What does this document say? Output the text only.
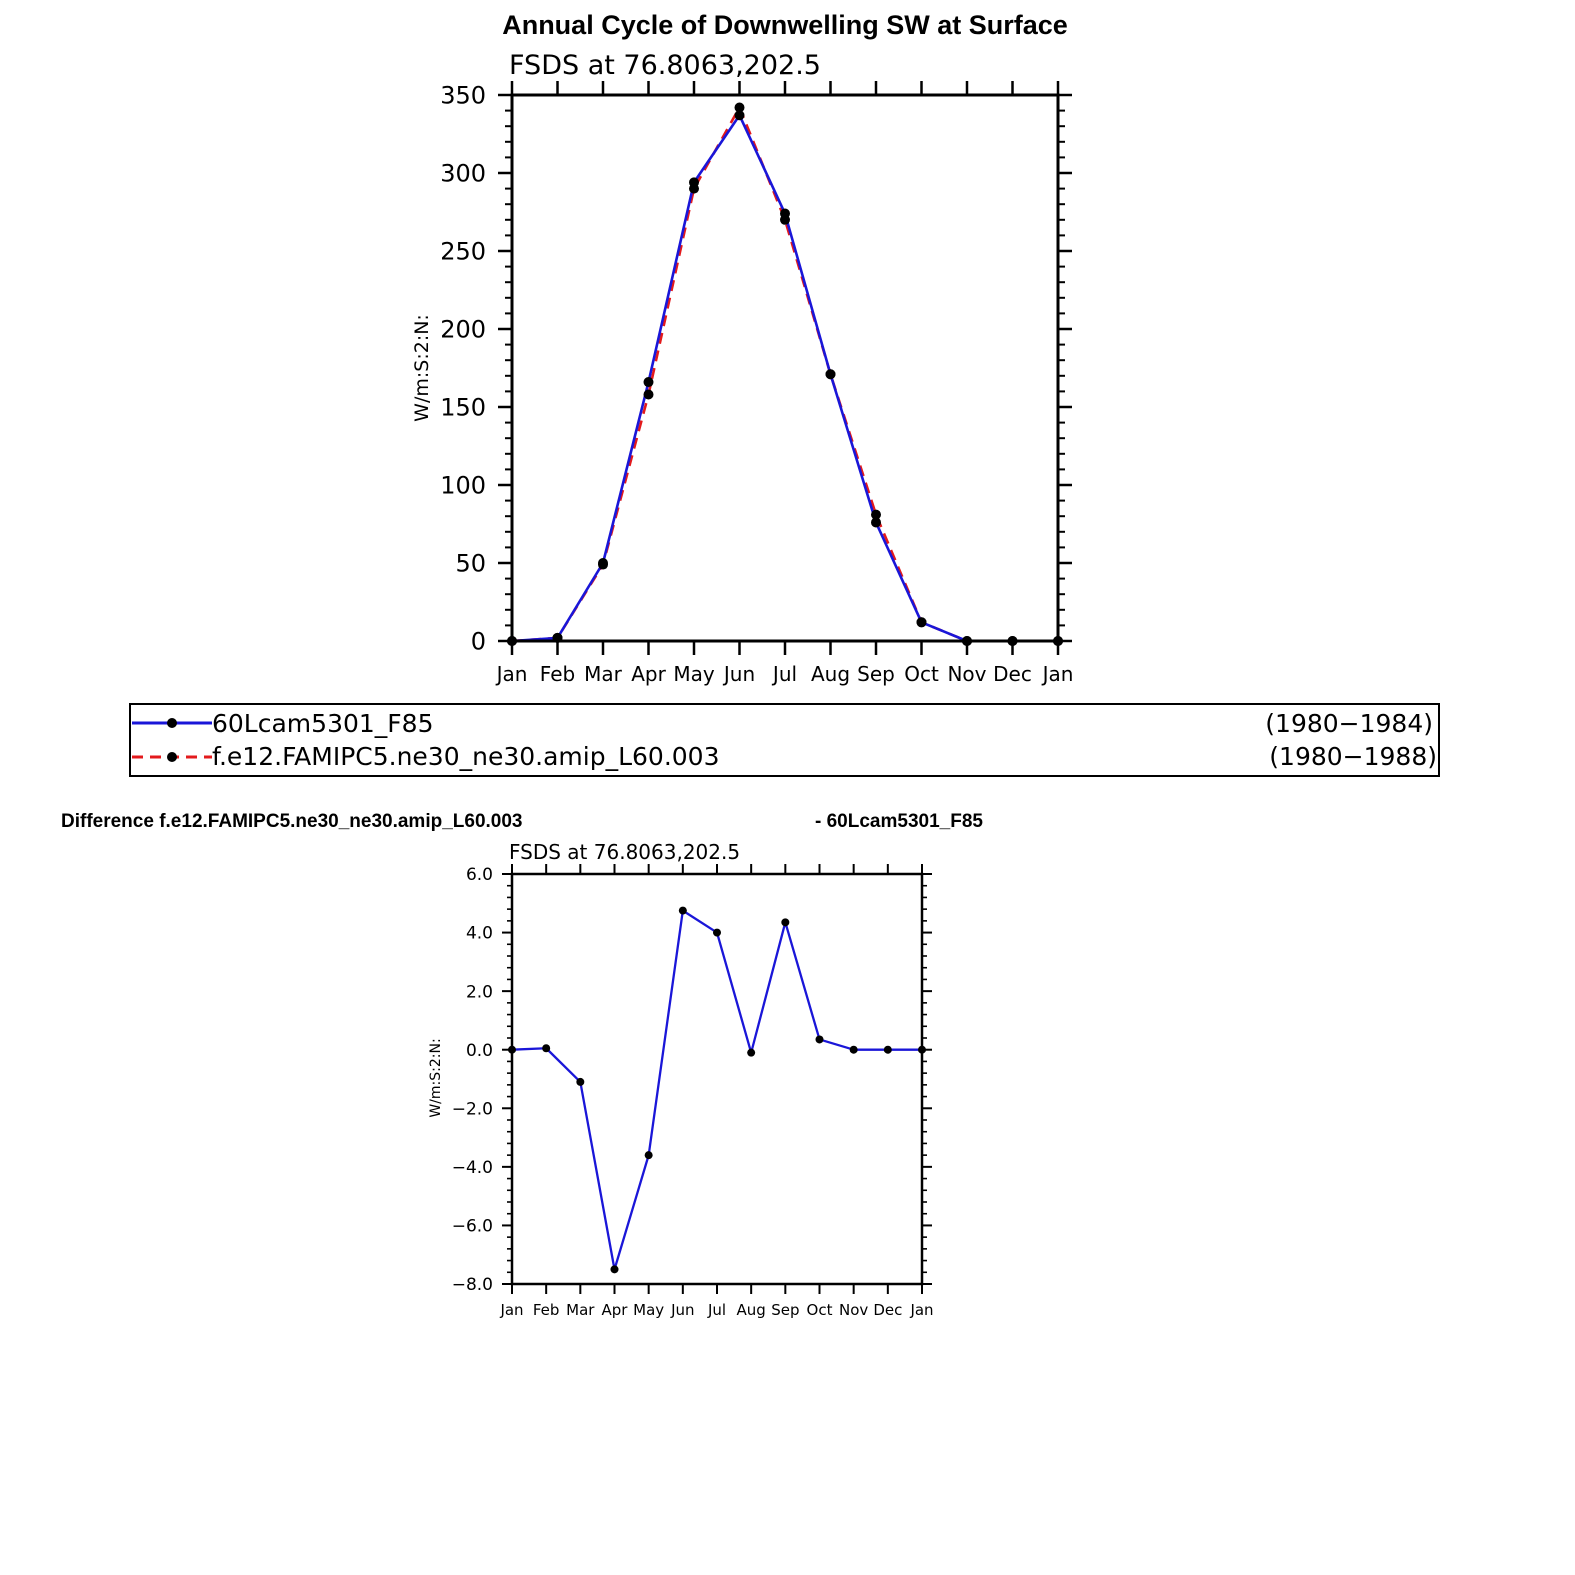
Annual Cycle of Downwelling SW at Surface
FSDS at 76.8063,202.5
W/m:S:2:N:
0
50
100
150
200
250
300
350
Jan Feb Mar Apr May Jun Jul Aug Sep Oct Nov Dec Jan
60Lcam5301_F85	(1980−1984)
f.e12.FAMIPC5.ne30_ne30.amip_L60.003	(1980−1988)
Difference f.e12.FAMIPC5.ne30_ne30.amip_L60.003	- 60Lcam5301_F85
FSDS at 76.8063,202.5
W/m:S:2:N:
−8.0
−6.0
−4.0
−2.0
0.0
2.0
4.0
6.0
Jan Feb Mar Apr May Jun Jul Aug Sep Oct Nov Dec Jan
